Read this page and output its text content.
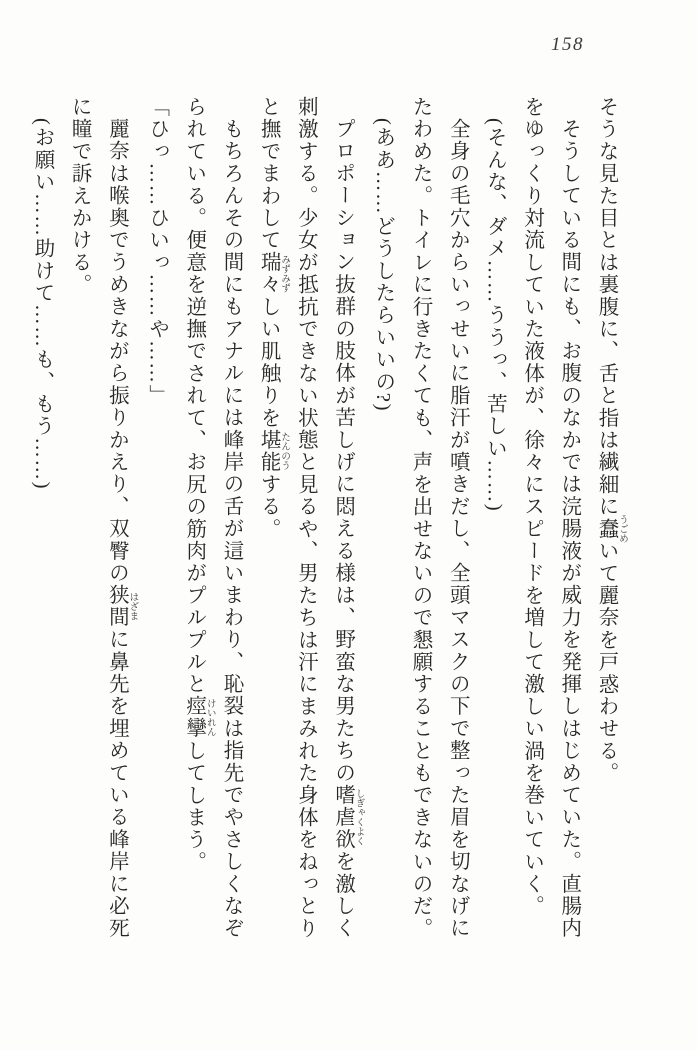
158

そうな見た目とは裏腹に、舌と指は繊細に蠢 うごめいて麗奈を戸惑わせる。

そうしている間にも、お腹のなかでは浣腸液が威力を発揮しはじめていた。直腸内をゆっくり対流していた液体が、徐々にスピードを増して激しい渦を巻いていく。

(そんな、ダメ……ううっ、苦しい……)

全身の毛穴からいっせいに脂汗が噴きだし、全頭マスクの下で整った眉を切なげにたわめた。トイレに行きたくても、声を出せないので懇願することもできないのだ。

(ああ……どうしたらいいの?)

プロポーション抜群の肢体が苦しげに悶える様は、野蛮な男たちの嗜虐欲 しぎゃくよくを激しく刺激する。少女が抵抗できない状態と見るや、男たちは汗にまみれた身体をねっとりと撫でまわして瑞々 みずみずしい肌触りを堪能 たんのうする。

もちろんその間にもアナルには峰岸の舌が這いまわり、恥裂は指先でやさしくなぞられている。便意を逆撫でされて、お尻の筋肉がプルプルと痙攣 けいれんしてしまう。

「ひっ……ひいっ……や……」

麗奈は喉奥でうめきながら振りかえり、双臀の狭間 はざまに鼻先を埋めている峰岸に必死に瞳で訴えかける。

(お願い……助けて……も、もう……)
